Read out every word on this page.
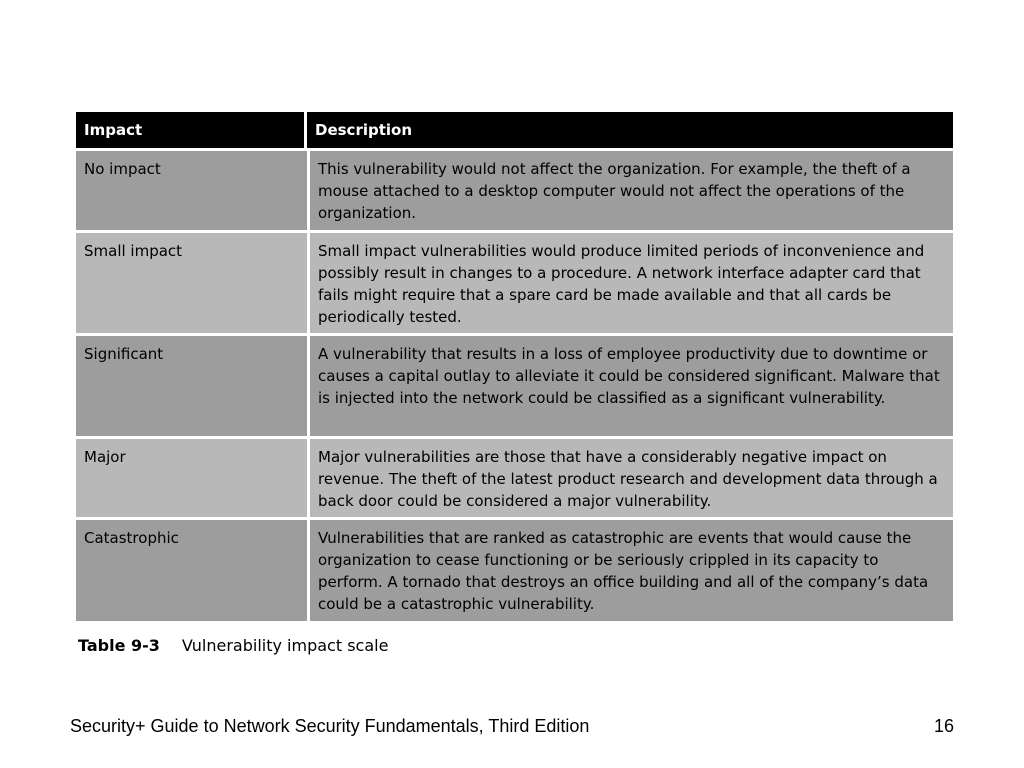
Impact	Description
No impact	This vulnerability would not affect the organization. For example, the theft of a mouse attached to a desktop computer would not affect the operations of the organization.
Small impact	Small impact vulnerabilities would produce limited periods of inconvenience and possibly result in changes to a procedure. A network interface adapter card that fails might require that a spare card be made available and that all cards be periodically tested.
Significant	A vulnerability that results in a loss of employee productivity due to downtime or causes a capital outlay to alleviate it could be considered significant. Malware that is injected into the network could be classified as a significant vulnerability.
Major	Major vulnerabilities are those that have a considerably negative impact on revenue. The theft of the latest product research and development data through a back door could be considered a major vulnerability.
Catastrophic	Vulnerabilities that are ranked as catastrophic are events that would cause the organization to cease functioning or be seriously crippled in its capacity to perform. A tornado that destroys an office building and all of the company’s data could be a catastrophic vulnerability.
Table 9-3 Vulnerability impact scale
Security+ Guide to Network Security Fundamentals, Third Edition	16
